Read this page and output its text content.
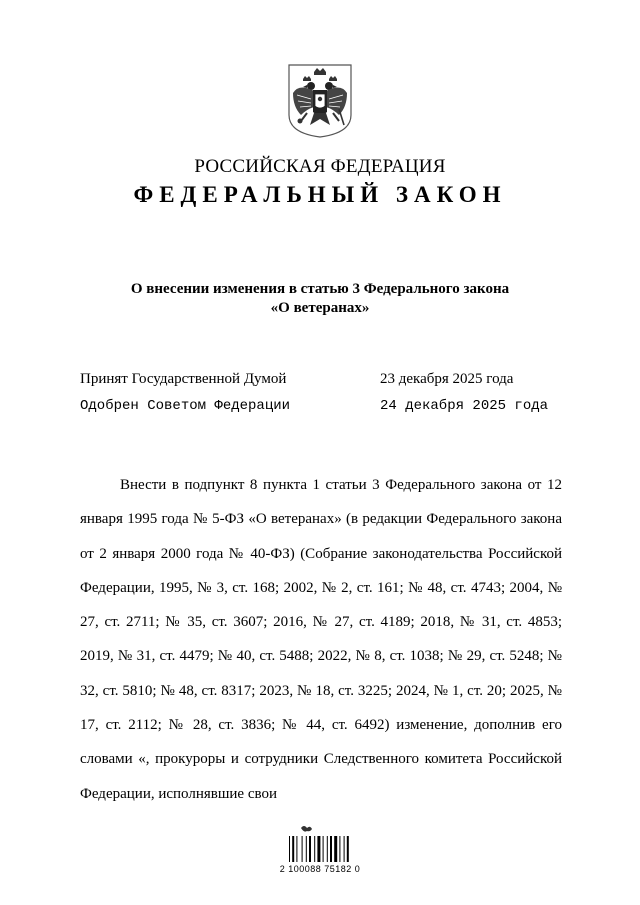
РОССИЙСКАЯ ФЕДЕРАЦИЯ
ФЕДЕРАЛЬНЫЙ ЗАКОН
О внесении изменения в статью 3 Федерального закона
«О ветеранах»
Принят Государственной Думой	23 декабря 2025 года
Одобрен Советом Федерации	24 декабря 2025 года

Внести в подпункт 8 пункта 1 статьи 3 Федерального закона от 12 января 1995 года № 5-ФЗ «О ветеранах» (в редакции Федерального закона от 2 января 2000 года № 40-ФЗ) (Собрание законодательства Российской Федерации, 1995, № 3, ст. 168; 2002, № 2, ст. 161; № 48, ст. 4743; 2004, № 27, ст. 2711; № 35, ст. 3607; 2016, № 27, ст. 4189; 2018, № 31, ст. 4853; 2019, № 31, ст. 4479; № 40, ст. 5488; 2022, № 8, ст. 1038; № 29, ст. 5248; № 32, ст. 5810; № 48, ст. 8317; 2023, № 18, ст. 3225; 2024, № 1, ст. 20; 2025, № 17, ст. 2112; № 28, ст. 3836; № 44, ст. 6492) изменение, дополнив его словами «, прокуроры и сотрудники Следственного комитета Российской Федерации, исполнявшие свои

2 100088 75182 0
